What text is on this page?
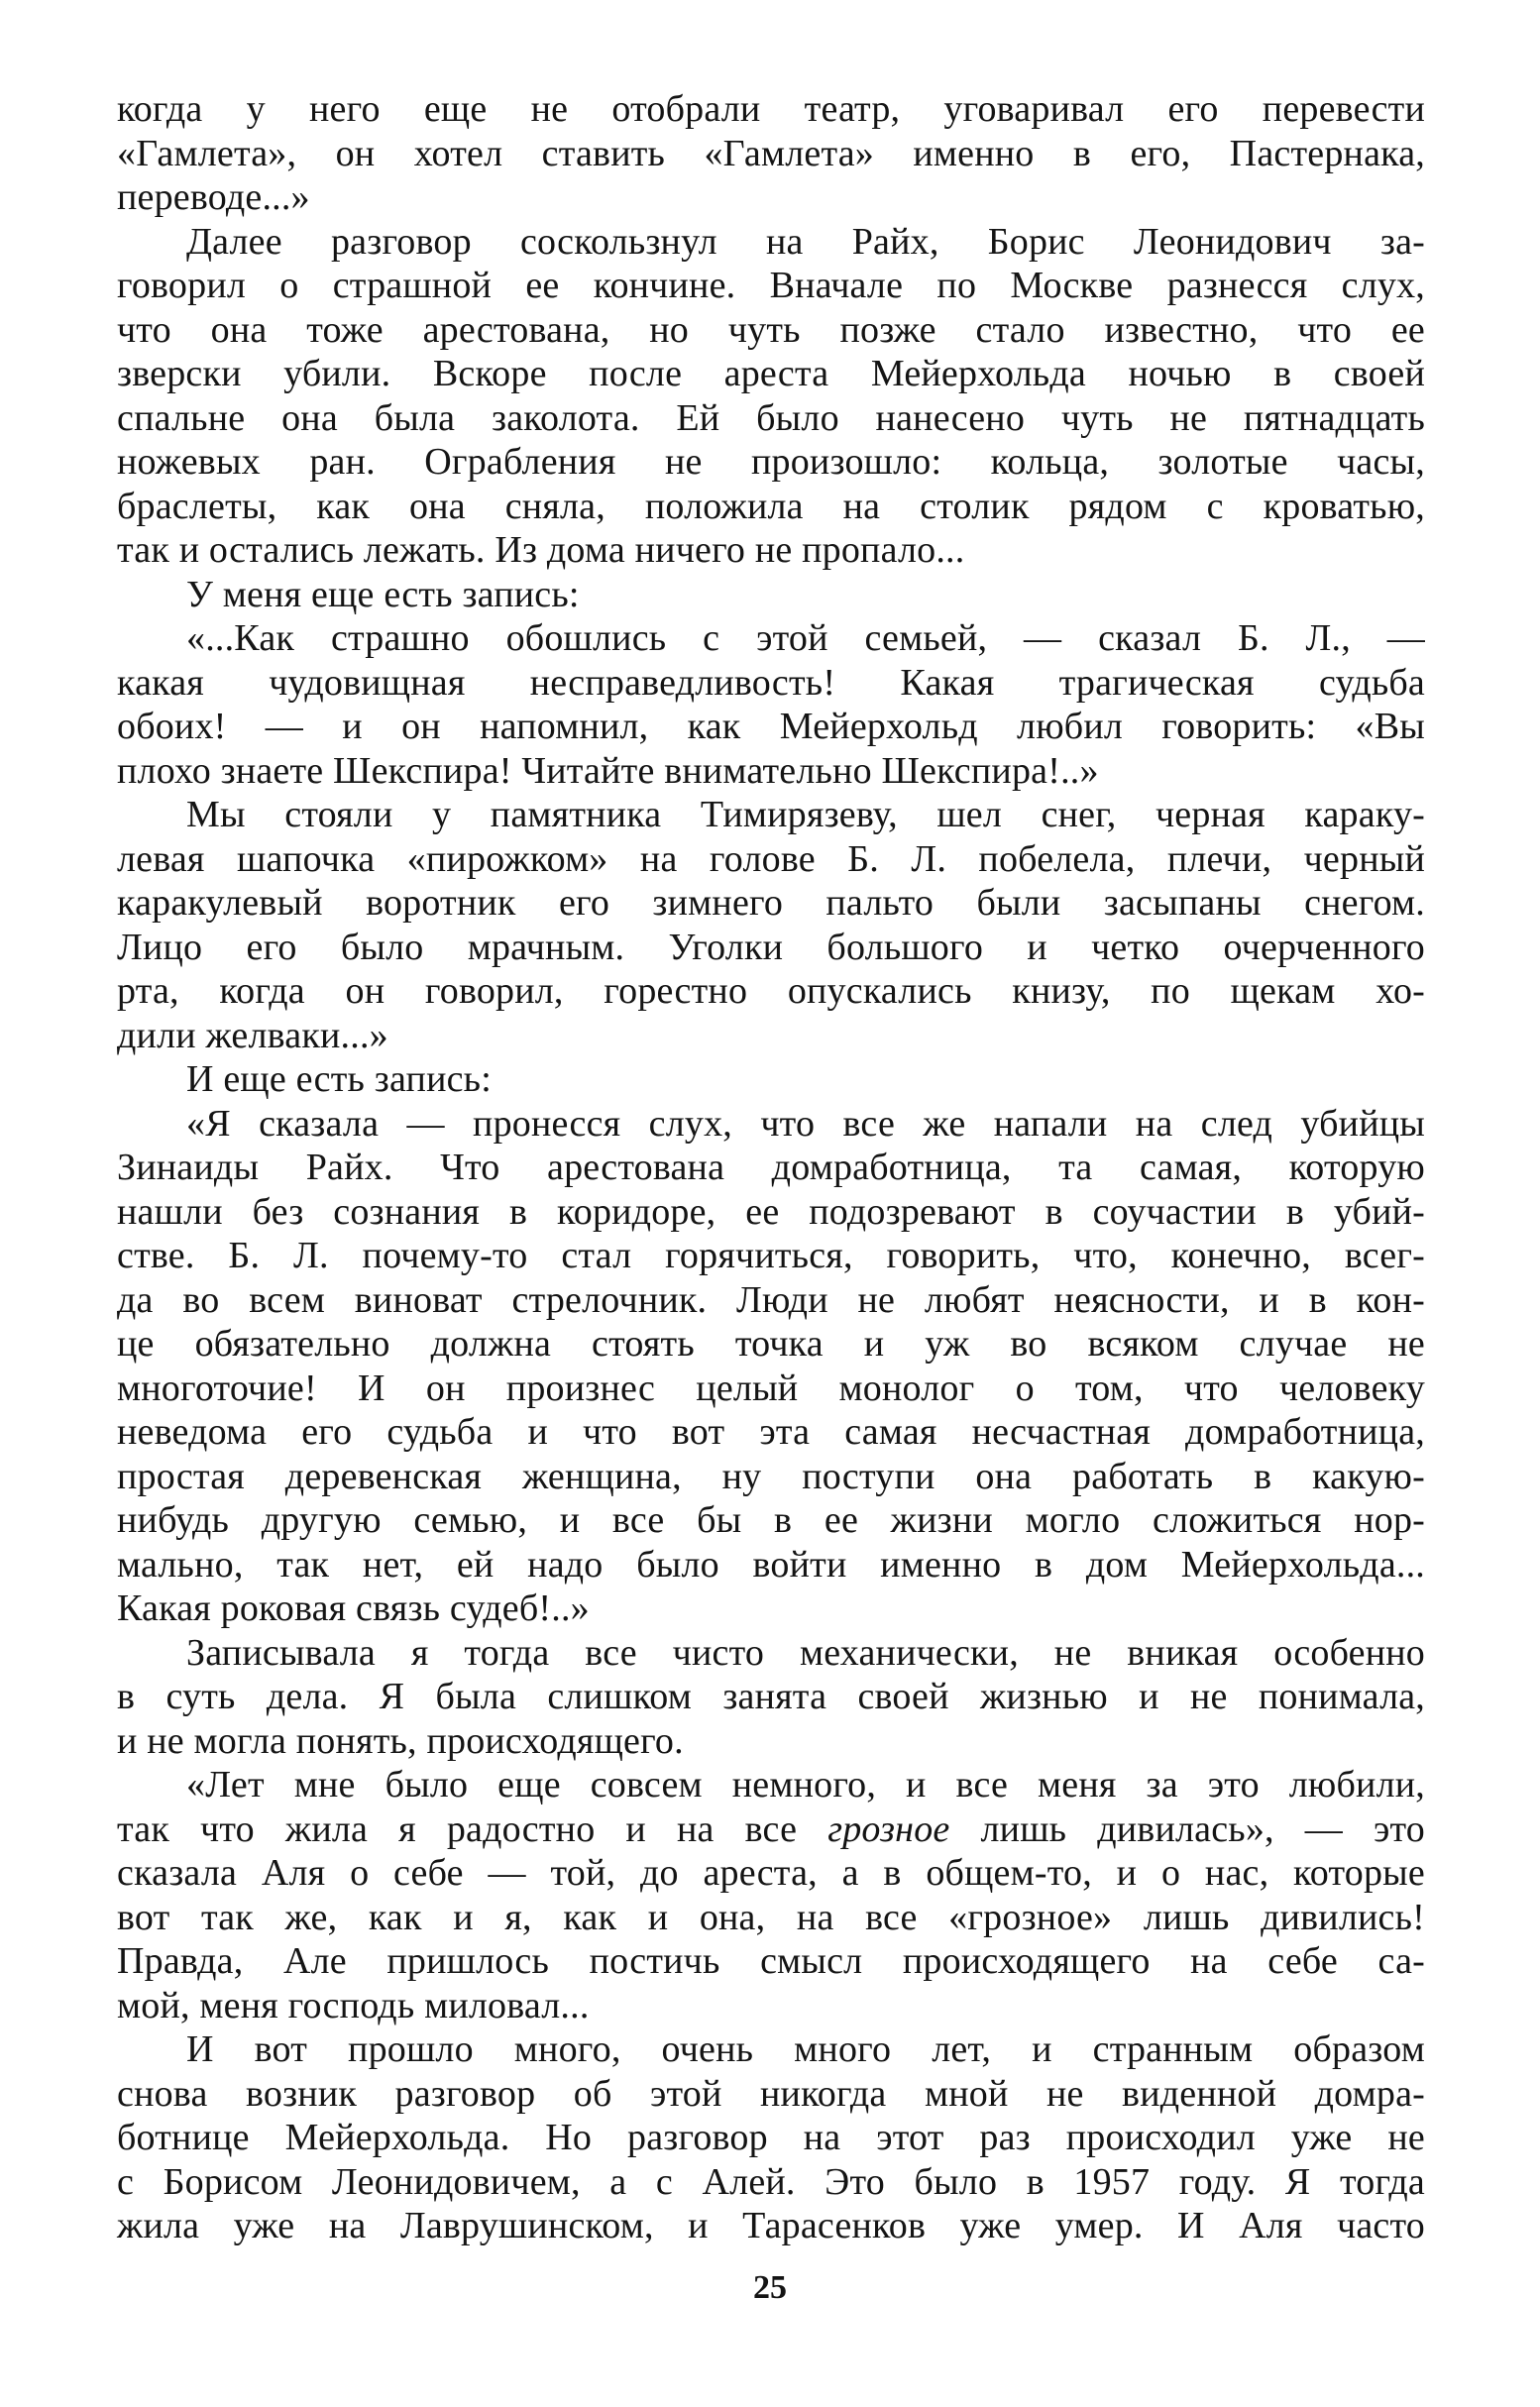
когда у него еще не отобрали театр, уговаривал его перевести
«Гамлета», он хотел ставить «Гамлета» именно в его, Пастернака,
переводе...»
Далее разговор соскользнул на Райх, Борис Леонидович за-
говорил о страшной ее кончине. Вначале по Москве разнесся слух,
что она тоже арестована, но чуть позже стало известно, что ее
зверски убили. Вскоре после ареста Мейерхольда ночью в своей
спальне она была заколота. Ей было нанесено чуть не пятнадцать
ножевых ран. Ограбления не произошло: кольца, золотые часы,
браслеты, как она сняла, положила на столик рядом с кроватью,
так и остались лежать. Из дома ничего не пропало...
У меня еще есть запись:
«...Как страшно обошлись с этой семьей, — сказал Б. Л., —
какая чудовищная несправедливость! Какая трагическая судьба
обоих! — и он напомнил, как Мейерхольд любил говорить: «Вы
плохо знаете Шекспира! Читайте внимательно Шекспира!..»
Мы стояли у памятника Тимирязеву, шел снег, черная караку-
левая шапочка «пирожком» на голове Б. Л. побелела, плечи, черный
каракулевый воротник его зимнего пальто были засыпаны снегом.
Лицо его было мрачным. Уголки большого и четко очерченного
рта, когда он говорил, горестно опускались книзу, по щекам хо-
дили желваки...»
И еще есть запись:
«Я сказала — пронесся слух, что все же напали на след убийцы
Зинаиды Райх. Что арестована домработница, та самая, которую
нашли без сознания в коридоре, ее подозревают в соучастии в убий-
стве. Б. Л. почему-то стал горячиться, говорить, что, конечно, всег-
да во всем виноват стрелочник. Люди не любят неясности, и в кон-
це обязательно должна стоять точка и уж во всяком случае не
многоточие! И он произнес целый монолог о том, что человеку
неведома его судьба и что вот эта самая несчастная домработница,
простая деревенская женщина, ну поступи она работать в какую-
нибудь другую семью, и все бы в ее жизни могло сложиться нор-
мально, так нет, ей надо было войти именно в дом Мейерхольда...
Какая роковая связь судеб!..»
Записывала я тогда все чисто механически, не вникая особенно
в суть дела. Я была слишком занята своей жизнью и не понимала,
и не могла понять, происходящего.
«Лет мне было еще совсем немного, и все меня за это любили,
так что жила я радостно и на все грозное лишь дивилась», — это
сказала Аля о себе — той, до ареста, а в общем-то, и о нас, которые
вот так же, как и я, как и она, на все «грозное» лишь дивились!
Правда, Але пришлось постичь смысл происходящего на себе са-
мой, меня господь миловал...
И вот прошло много, очень много лет, и странным образом
снова возник разговор об этой никогда мной не виденной домра-
ботнице Мейерхольда. Но разговор на этот раз происходил уже не
с Борисом Леонидовичем, а с Алей. Это было в 1957 году. Я тогда
жила уже на Лаврушинском, и Тарасенков уже умер. И Аля часто
25
